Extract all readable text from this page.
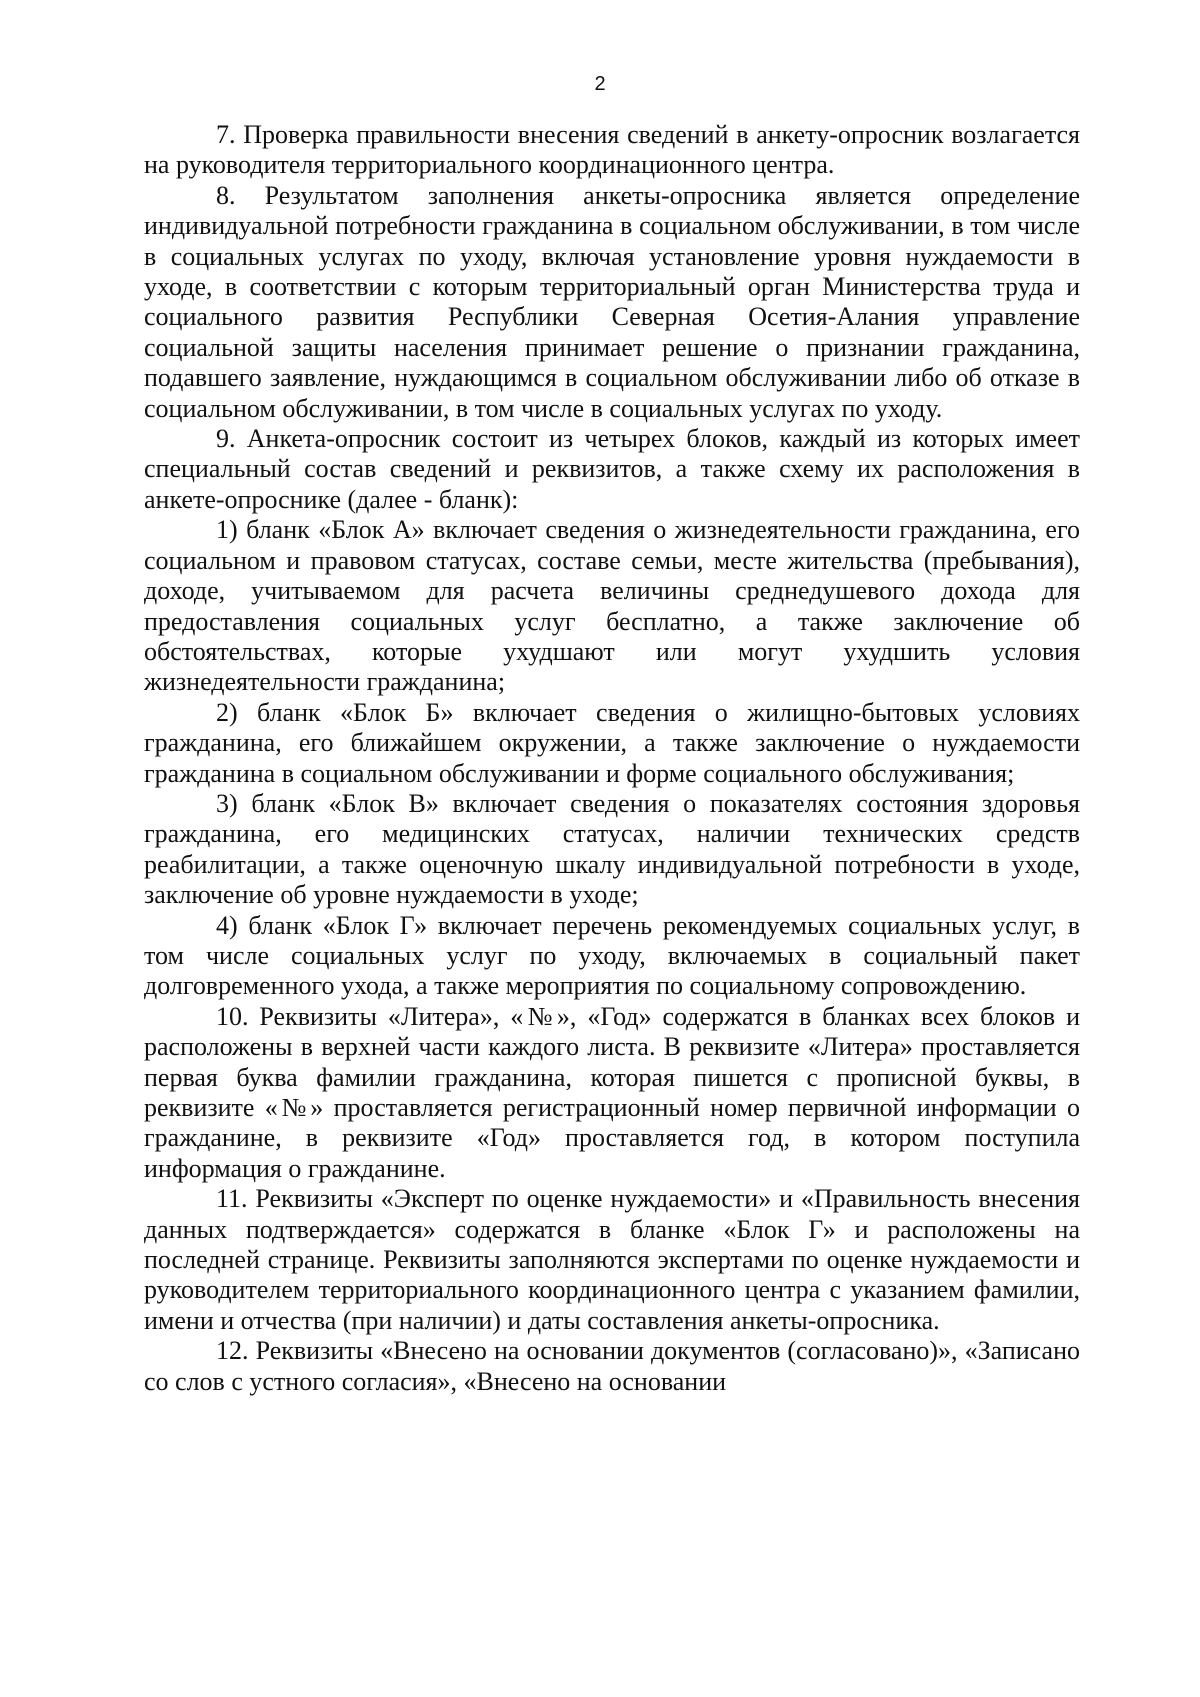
2

7. Проверка правильности внесения сведений в анкету-опросник возлагается на руководителя территориального координационного центра.

8. Результатом заполнения анкеты-опросника является определение индивидуальной потребности гражданина в социальном обслуживании, в том числе в социальных услугах по уходу, включая установление уровня нуждаемости в уходе, в соответствии с которым территориальный орган Министерства труда и социального развития Республики Северная Осетия-Алания управление социальной защиты населения принимает решение о признании гражданина, подавшего заявление, нуждающимся в социальном обслуживании либо об отказе в социальном обслуживании, в том числе в социальных услугах по уходу.

9. Анкета-опросник состоит из четырех блоков, каждый из которых имеет специальный состав сведений и реквизитов, а также схему их расположения в анкете-опроснике (далее - бланк):

1) бланк «Блок А» включает сведения о жизнедеятельности гражданина, его социальном и правовом статусах, составе семьи, месте жительства (пребывания), доходе, учитываемом для расчета величины среднедушевого дохода для предоставления социальных услуг бесплатно, а также заключение об обстоятельствах, которые ухудшают или могут ухудшить условия жизнедеятельности гражданина;

2) бланк «Блок Б» включает сведения о жилищно-бытовых условиях гражданина, его ближайшем окружении, а также заключение о нуждаемости гражданина в социальном обслуживании и форме социального обслуживания;

3) бланк «Блок В» включает сведения о показателях состояния здоровья гражданина, его медицинских статусах, наличии технических средств реабилитации, а также оценочную шкалу индивидуальной потребности в уходе, заключение об уровне нуждаемости в уходе;

4) бланк «Блок Г» включает перечень рекомендуемых социальных услуг, в том числе социальных услуг по уходу, включаемых в социальный пакет долговременного ухода, а также мероприятия по социальному сопровождению.

10. Реквизиты «Литера», «№», «Год» содержатся в бланках всех блоков и расположены в верхней части каждого листа. В реквизите «Литера» проставляется первая буква фамилии гражданина, которая пишется с прописной буквы, в реквизите «№» проставляется регистрационный номер первичной информации о гражданине, в реквизите «Год» проставляется год, в котором поступила информация о гражданине.

11. Реквизиты «Эксперт по оценке нуждаемости» и «Правильность внесения данных подтверждается» содержатся в бланке «Блок Г» и расположены на последней странице. Реквизиты заполняются экспертами по оценке нуждаемости и руководителем территориального координационного центра с указанием фамилии, имени и отчества (при наличии) и даты составления анкеты-опросника.

12. Реквизиты «Внесено на основании документов (согласовано)», «Записано со слов с устного согласия», «Внесено на основании
